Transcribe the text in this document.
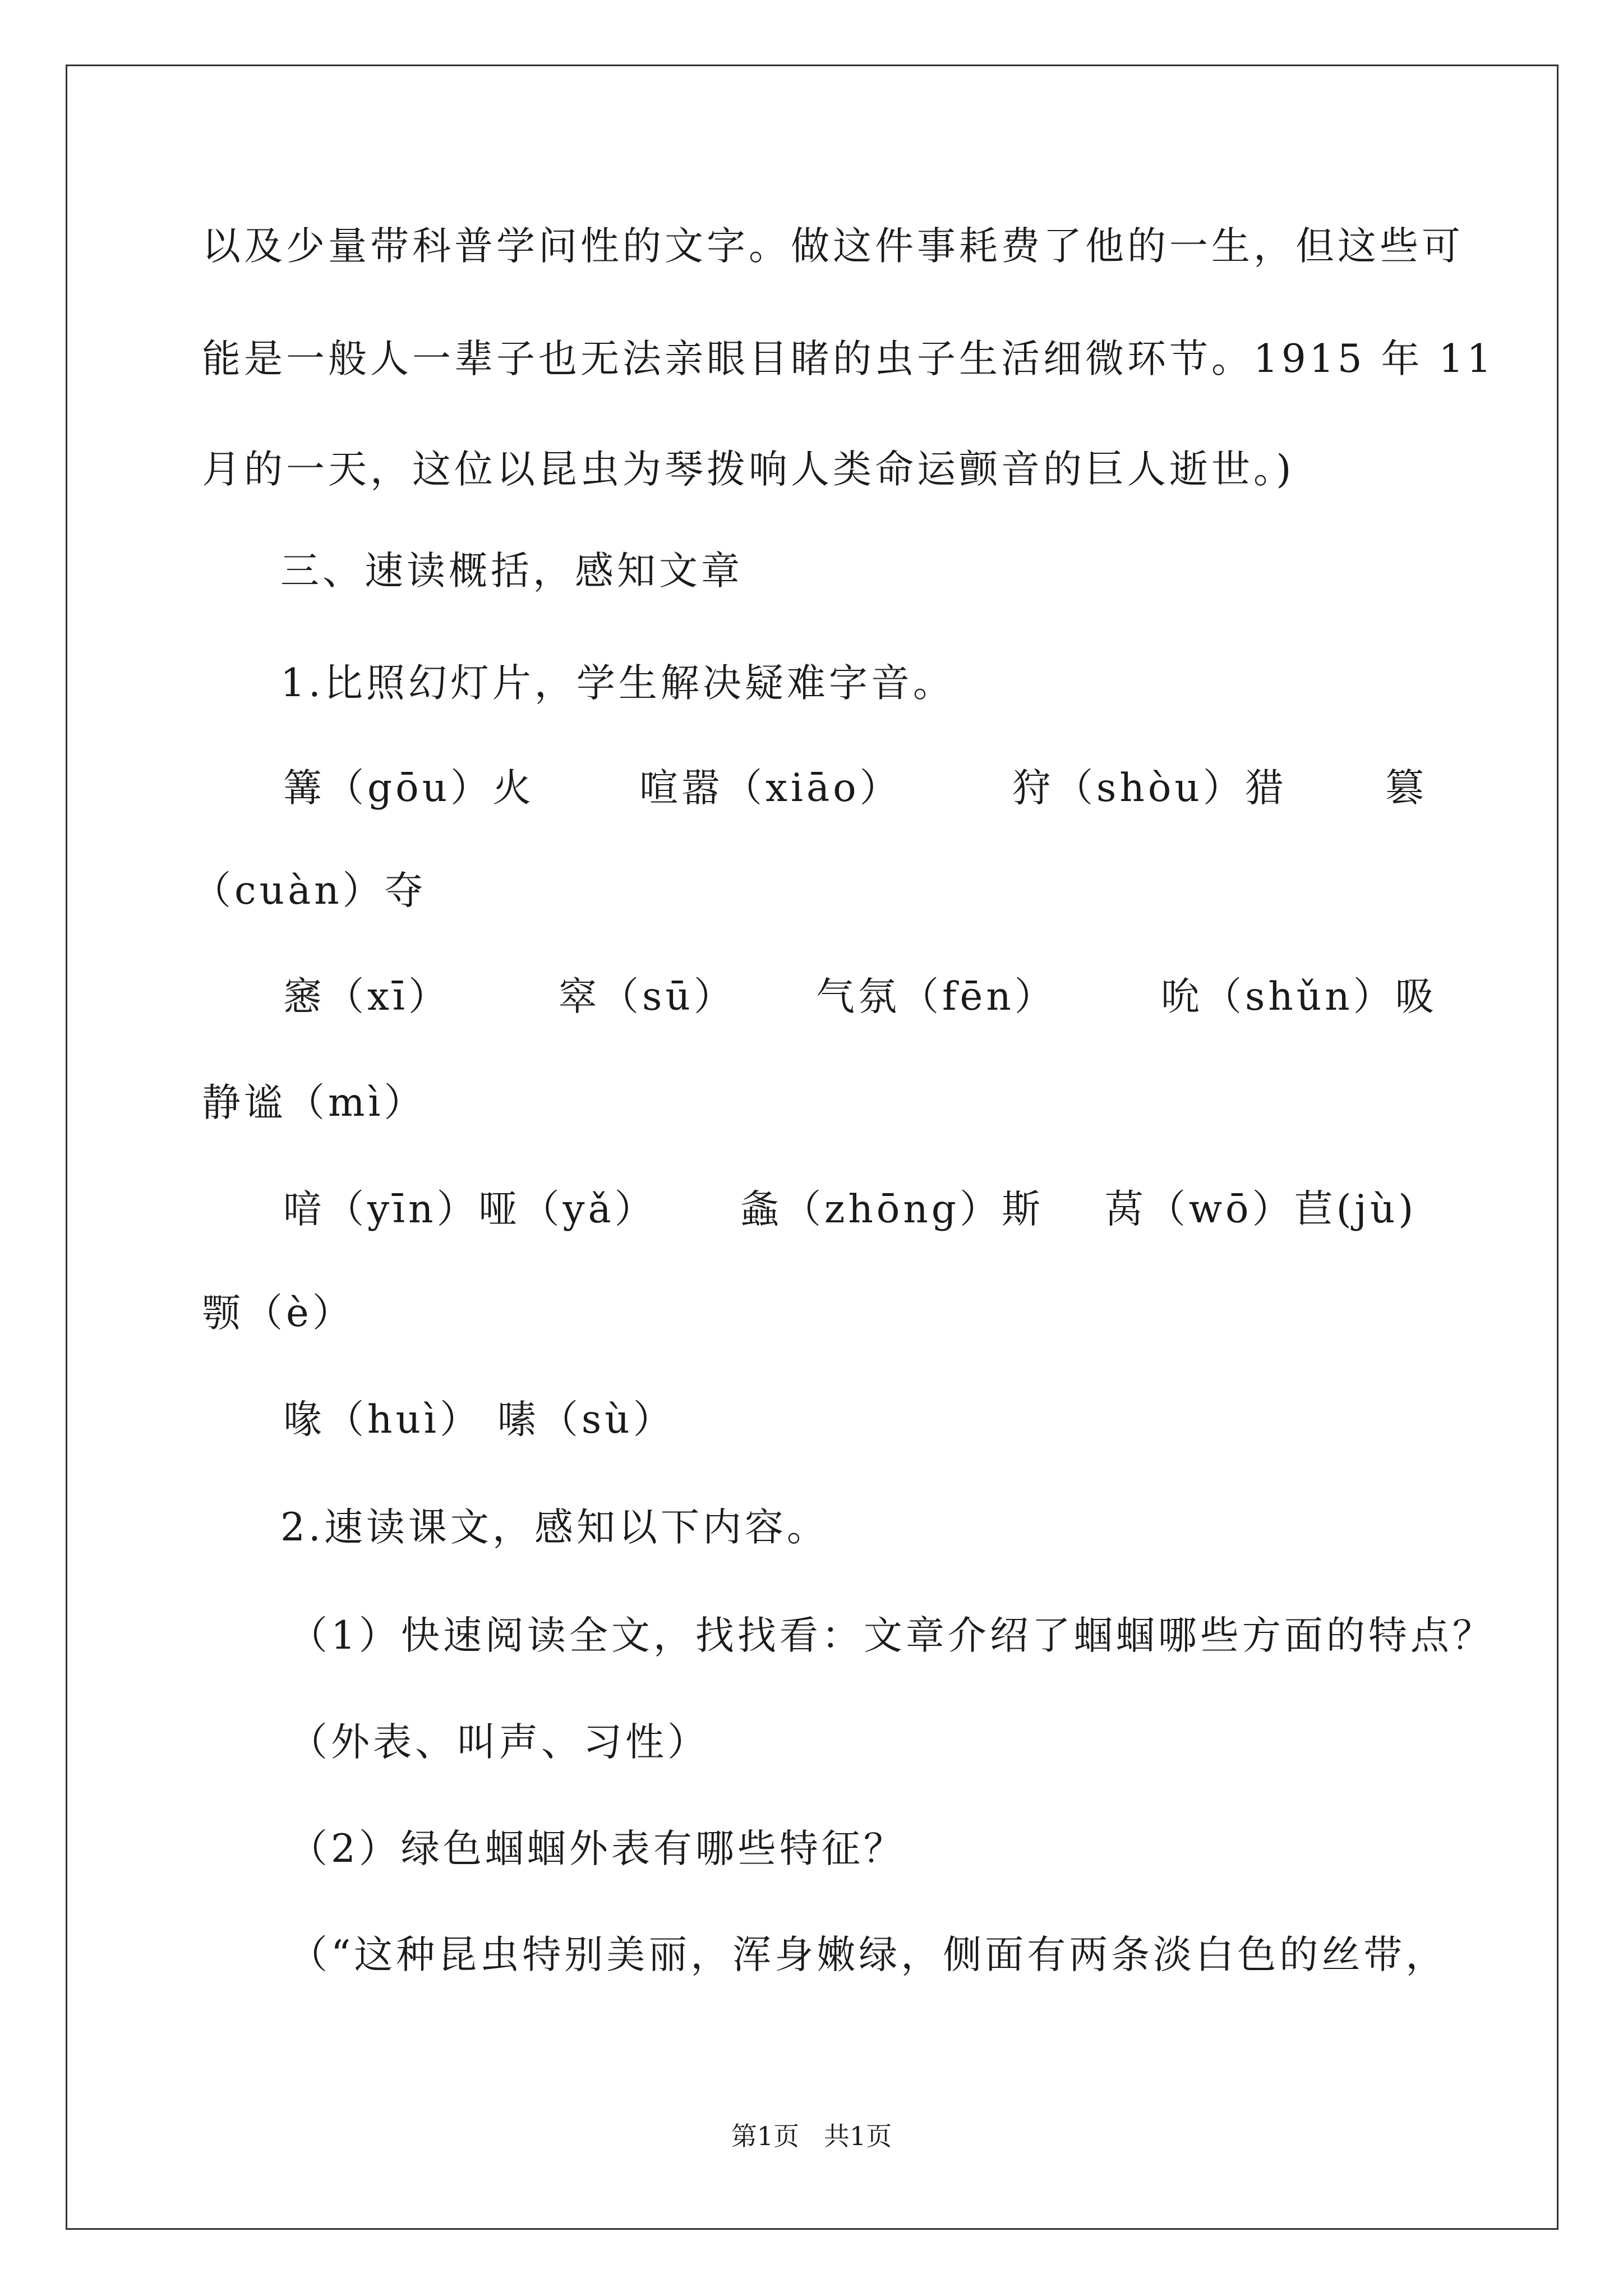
以及少量带科普学问性的文字。做这件事耗费了他的一生，但这些可
能是一般人一辈子也无法亲眼目睹的虫子生活细微环节。1915 年 11
月的一天，这位以昆虫为琴拨响人类命运颤音的巨人逝世。)
三、速读概括，感知文章
1.比照幻灯片，学生解决疑难字音。
篝（gōu）火	喧嚣（xiāo）	狩（shòu）猎	篡
（cuàn）夺
窸（xī）	窣（sū） 气氛（fēn）	吮（shǔn）吸
静谧（mì）
喑（yīn）哑（yǎ） 螽（zhōng）斯 莴（wō）苣(jù)
颚（è）
喙（huì） 嗉（sù）
2.速读课文，感知以下内容。
（1）快速阅读全文，找找看：文章介绍了蝈蝈哪些方面的特点？
（外表、叫声、习性）
（2）绿色蝈蝈外表有哪些特征？
（“这种昆虫特别美丽，浑身嫩绿，侧面有两条淡白色的丝带，
第1页   共1页
